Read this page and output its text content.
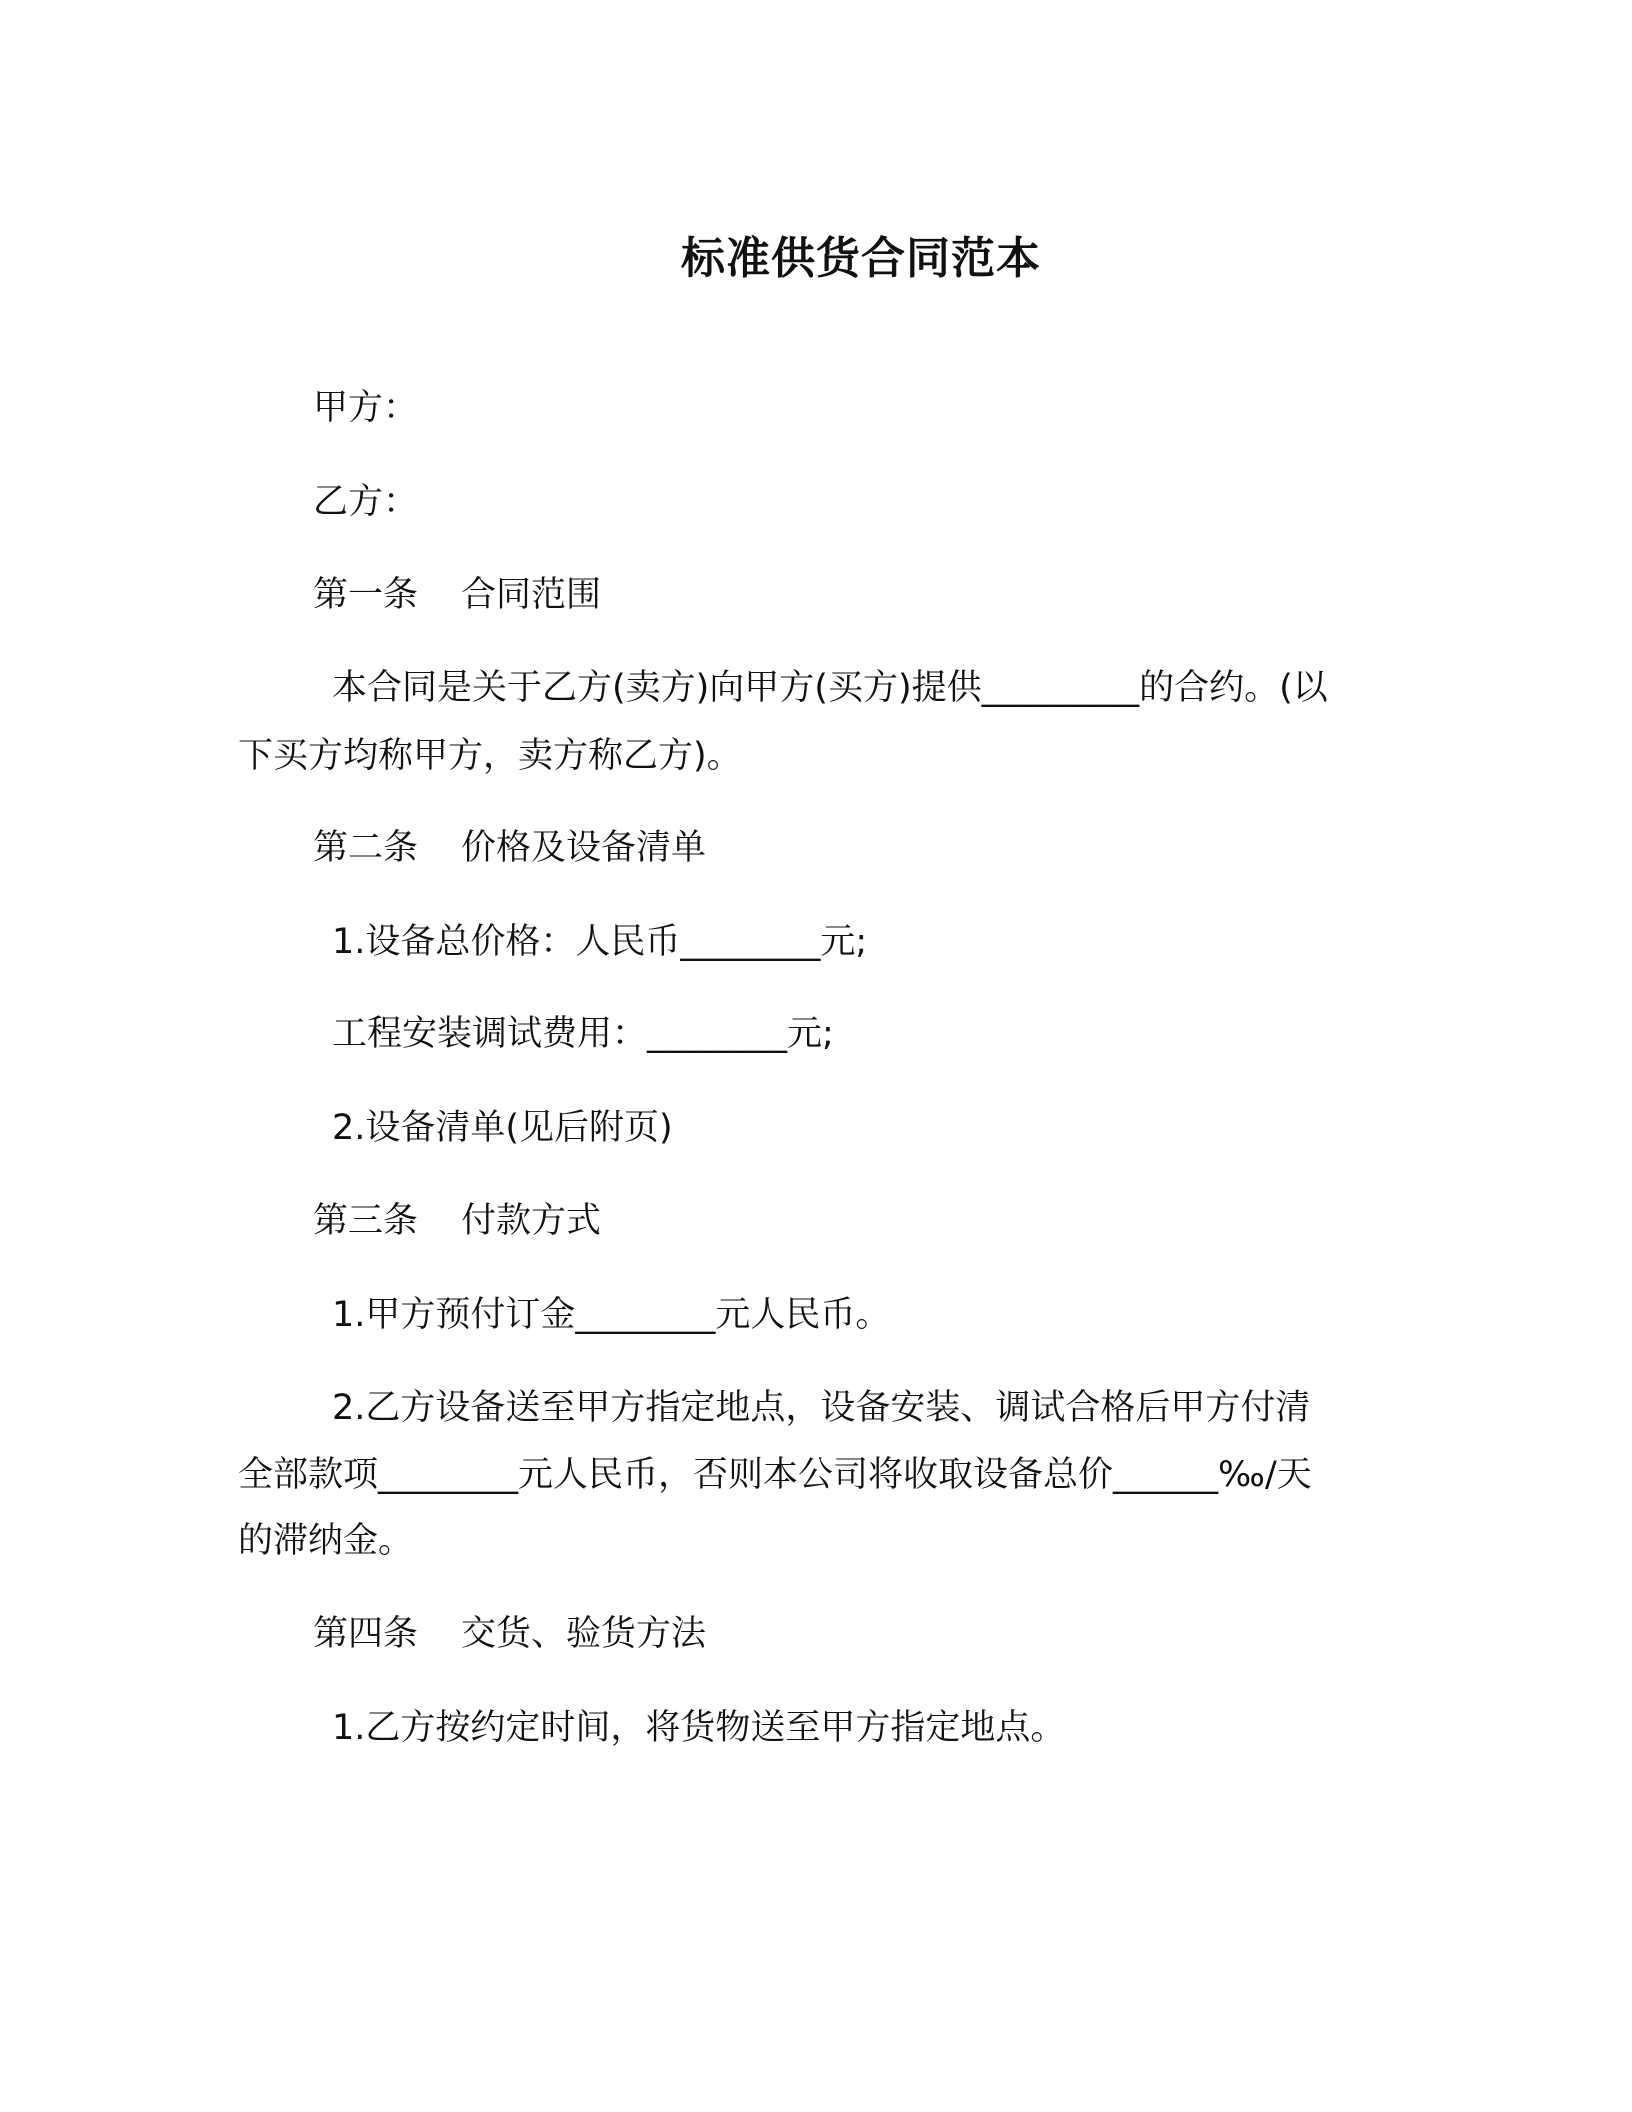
标准供货合同范本
甲方：
乙方：
第一条 合同范围
本合同是关于乙方(卖方)向甲方(买方)提供_________的合约。(以
下买方均称甲方，卖方称乙方)。
第二条 价格及设备清单
1.设备总价格：人民币________元;
工程安装调试费用：________元;
2.设备清单(见后附页)
第三条 付款方式
1.甲方预付订金________元人民币。
2.乙方设备送至甲方指定地点，设备安装、调试合格后甲方付清
全部款项________元人民币，否则本公司将收取设备总价______‰/天
的滞纳金。
第四条 交货、验货方法
1.乙方按约定时间，将货物送至甲方指定地点。
